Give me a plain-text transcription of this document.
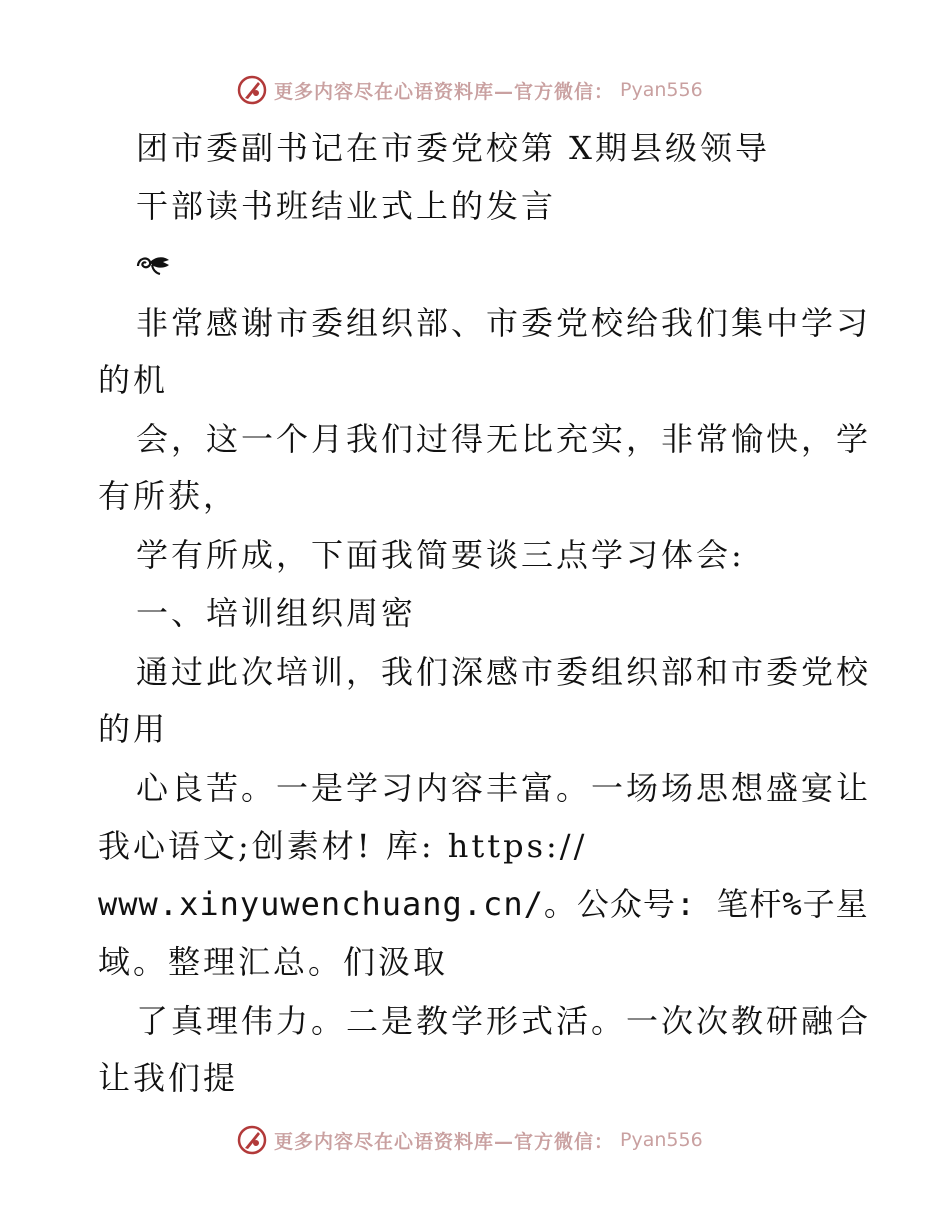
更多内容尽在心语资料库—官方微信： Pyan556
团市委副书记在市委党校第 X期县级领导
干部读书班结业式上的发言
非常感谢市委组织部、市委党校给我们集中学习
的机
会，这一个月我们过得无比充实，非常愉快，学
有所获，
学有所成，下面我简要谈三点学习体会:
一、培训组织周密
通过此次培训，我们深感市委组织部和市委党校
的用
心良苦。一是学习内容丰富。一场场思想盛宴让
我心语文;创素材! 库: https://
www.xinyuwenchuang.cn/。公众号: 笔杆%子星
域。整理汇总。们汲取
了真理伟力。二是教学形式活。一次次教研融合
让我们提
更多内容尽在心语资料库—官方微信： Pyan556
